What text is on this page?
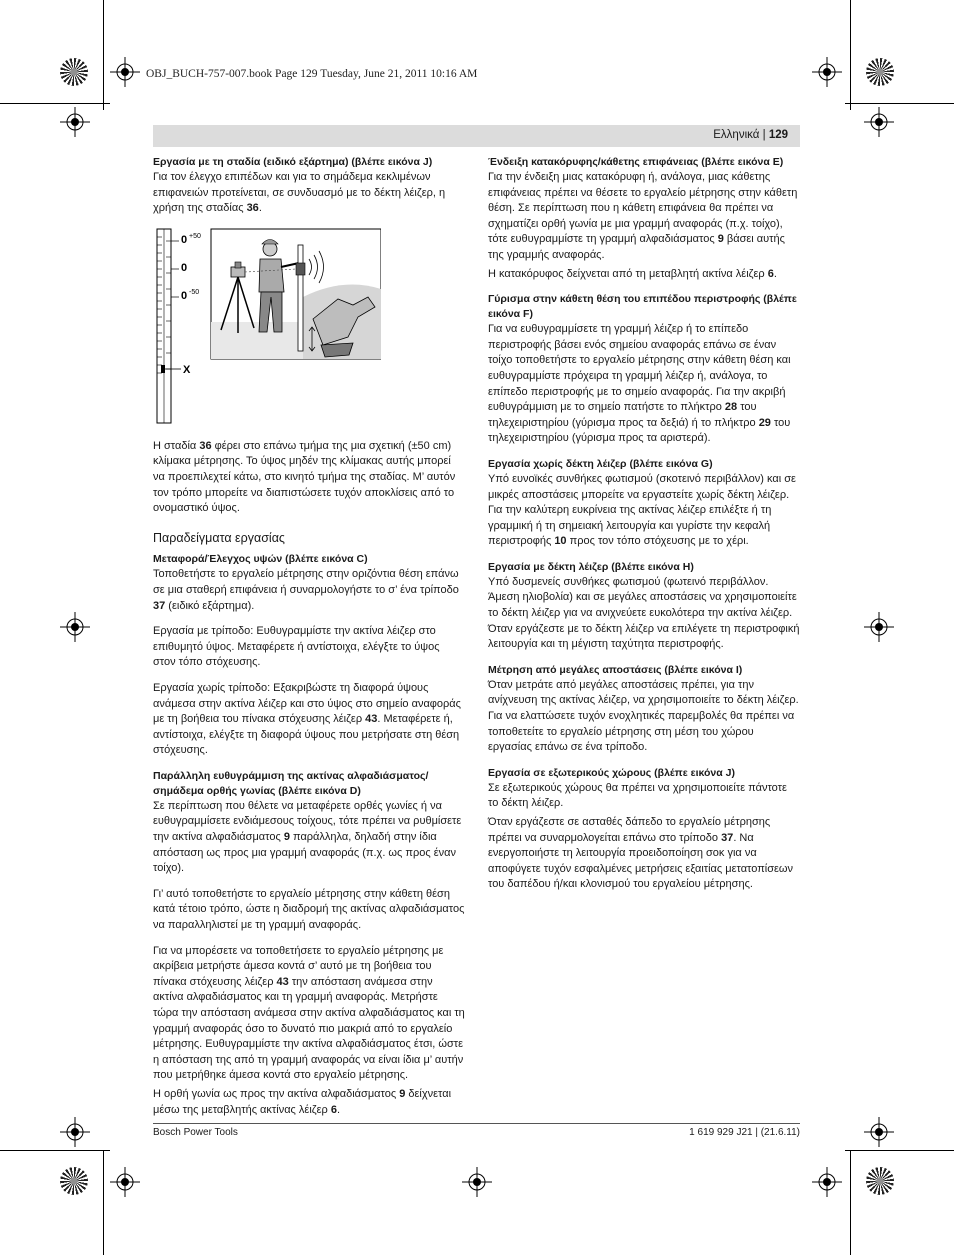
OBJ_BUCH-757-007.book Page 129 Tuesday, June 21, 2011 10:16 AM
Ελληνικά | 129

Εργασία με τη σταδία (ειδικό εξάρτημα) (βλέπε εικόνα J)

Για τον έλεγχο επιπέδων και για το σημάδεμα κεκλιμένων επιφανειών προτείνεται, σε συνδυασμό με το δέκτη λέιζερ, η χρήση της σταδίας 36.

0 +50
0
0 -50
X

Η σταδία 36 φέρει στο επάνω τμήμα της μια σχετική (±50 cm) κλίμακα μέτρησης. Το ύψος μηδέν της κλίμακας αυτής μπορεί να προεπιλεχτεί κάτω, στο κινητό τμήμα της σταδίας. Μ’ αυτόν τον τρόπο μπορείτε να διαπιστώσετε τυχόν αποκλίσεις από το ονομαστικό ύψος.

Παραδείγματα εργασίας

Μεταφορά/Έλεγχος υψών (βλέπε εικόνα C)

Τοποθετήστε το εργαλείο μέτρησης στην οριζόντια θέση επάνω σε μια σταθερή επιφάνεια ή συναρμολογήστε το σ’ ένα τρίποδο 37 (ειδικό εξάρτημα).

Εργασία με τρίποδο: Ευθυγραμμίστε την ακτίνα λέιζερ στο επιθυμητό ύψος. Μεταφέρετε ή αντίστοιχα, ελέγξτε το ύψος στον τόπο στόχευσης.

Εργασία χωρίς τρίποδο: Εξακριβώστε τη διαφορά ύψους ανάμεσα στην ακτίνα λέιζερ και στο ύψος στο σημείο αναφοράς με τη βοήθεια του πίνακα στόχευσης λέιζερ 43. Μεταφέρετε ή, αντίστοιχα, ελέγξτε τη διαφορά ύψους που μετρήσατε στη θέση στόχευσης.

Παράλληλη ευθυγράμμιση της ακτίνας αλφαδιάσματος/σημάδεμα ορθής γωνίας (βλέπε εικόνα D)

Σε περίπτωση που θέλετε να μεταφέρετε ορθές γωνίες ή να ευθυγραμμίσετε ενδιάμεσους τοίχους, τότε πρέπει να ρυθμίσετε την ακτίνα αλφαδιάσματος 9 παράλληλα, δηλαδή στην ίδια απόσταση ως προς μια γραμμή αναφοράς (π.χ. ως προς έναν τοίχο).

Γι’ αυτό τοποθετήστε το εργαλείο μέτρησης στην κάθετη θέση κατά τέτοιο τρόπο, ώστε η διαδρομή της ακτίνας αλφαδιάσματος να παραλληλιστεί με τη γραμμή αναφοράς.

Για να μπορέσετε να τοποθετήσετε το εργαλείο μέτρησης με ακρίβεια μετρήστε άμεσα κοντά σ’ αυτό με τη βοήθεια του πίνακα στόχευσης λέιζερ 43 την απόσταση ανάμεσα στην ακτίνα αλφαδιάσματος και τη γραμμή αναφοράς. Μετρήστε τώρα την απόσταση ανάμεσα στην ακτίνα αλφαδιάσματος και τη γραμμή αναφοράς όσο το δυνατό πιο μακριά από το εργαλείο μέτρησης. Ευθυγραμμίστε την ακτίνα αλφαδιάσματος έτσι, ώστε η απόσταση της από τη γραμμή αναφοράς να είναι ίδια μ’ αυτήν που μετρήθηκε άμεσα κοντά στο εργαλείο μέτρησης.

Η ορθή γωνία ως προς την ακτίνα αλφαδιάσματος 9 δείχνεται μέσω της μεταβλητής ακτίνας λέιζερ 6.

Ένδειξη κατακόρυφης/κάθετης επιφάνειας (βλέπε εικόνα E)

Για την ένδειξη μιας κατακόρυφη ή, ανάλογα, μιας κάθετης επιφάνειας πρέπει να θέσετε το εργαλείο μέτρησης στην κάθετη θέση. Σε περίπτωση που η κάθετη επιφάνεια θα πρέπει να σχηματίζει ορθή γωνία με μια γραμμή αναφοράς (π.χ. τοίχο), τότε ευθυγραμμίστε τη γραμμή αλφαδιάσματος 9 βάσει αυτής της γραμμής αναφοράς.

Η κατακόρυφος δείχνεται από τη μεταβλητή ακτίνα λέιζερ 6.

Γύρισμα στην κάθετη θέση του επιπέδου περιστροφής (βλέπε εικόνα F)

Για να ευθυγραμμίσετε τη γραμμή λέιζερ ή το επίπεδο περιστροφής βάσει ενός σημείου αναφοράς επάνω σε έναν τοίχο τοποθετήστε το εργαλείο μέτρησης στην κάθετη θέση και ευθυγραμμίστε πρόχειρα τη γραμμή λέιζερ ή, ανάλογα, το επίπεδο περιστροφής με το σημείο αναφοράς. Για την ακριβή ευθυγράμμιση με το σημείο πατήστε το πλήκτρο 28 του τηλεχειριστηρίου (γύρισμα προς τα δεξιά) ή το πλήκτρο 29 του τηλεχειριστηρίου (γύρισμα προς τα αριστερά).

Εργασία χωρίς δέκτη λέιζερ (βλέπε εικόνα G)

Υπό ευνοϊκές συνθήκες φωτισμού (σκοτεινό περιβάλλον) και σε μικρές αποστάσεις μπορείτε να εργαστείτε χωρίς δέκτη λέιζερ. Για την καλύτερη ευκρίνεια της ακτίνας λέιζερ επιλέξτε ή τη γραμμική ή τη σημειακή λειτουργία και γυρίστε την κεφαλή περιστροφής 10 προς τον τόπο στόχευσης με το χέρι.

Εργασία με δέκτη λέιζερ (βλέπε εικόνα H)

Υπό δυσμενείς συνθήκες φωτισμού (φωτεινό περιβάλλον. Άμεση ηλιοβολία) και σε μεγάλες αποστάσεις να χρησιμοποιείτε το δέκτη λέιζερ για να ανιχνεύετε ευκολότερα την ακτίνα λέιζερ. Όταν εργάζεστε με το δέκτη λέιζερ να επιλέγετε τη περιστροφική λειτουργία και τη μέγιστη ταχύτητα περιστροφής.

Μέτρηση από μεγάλες αποστάσεις (βλέπε εικόνα I)

Όταν μετράτε από μεγάλες αποστάσεις πρέπει, για την ανίχνευση της ακτίνας λέιζερ, να χρησιμοποιείτε το δέκτη λέιζερ. Για να ελαττώσετε τυχόν ενοχλητικές παρεμβολές θα πρέπει να τοποθετείτε το εργαλείο μέτρησης στη μέση του χώρου εργασίας επάνω σε ένα τρίποδο.

Εργασία σε εξωτερικούς χώρους (βλέπε εικόνα J)

Σε εξωτερικούς χώρους θα πρέπει να χρησιμοποιείτε πάντοτε το δέκτη λέιζερ.

Όταν εργάζεστε σε ασταθές δάπεδο το εργαλείο μέτρησης πρέπει να συναρμολογείται επάνω στο τρίποδο 37. Να ενεργοποιήστε τη λειτουργία προειδοποίηση σοκ για να αποφύγετε τυχόν εσφαλμένες μετρήσεις εξαιτίας μετατοπίσεων του δαπέδου ή/και κλονισμού του εργαλείου μέτρησης.

Bosch Power Tools	1 619 929 J21 | (21.6.11)
